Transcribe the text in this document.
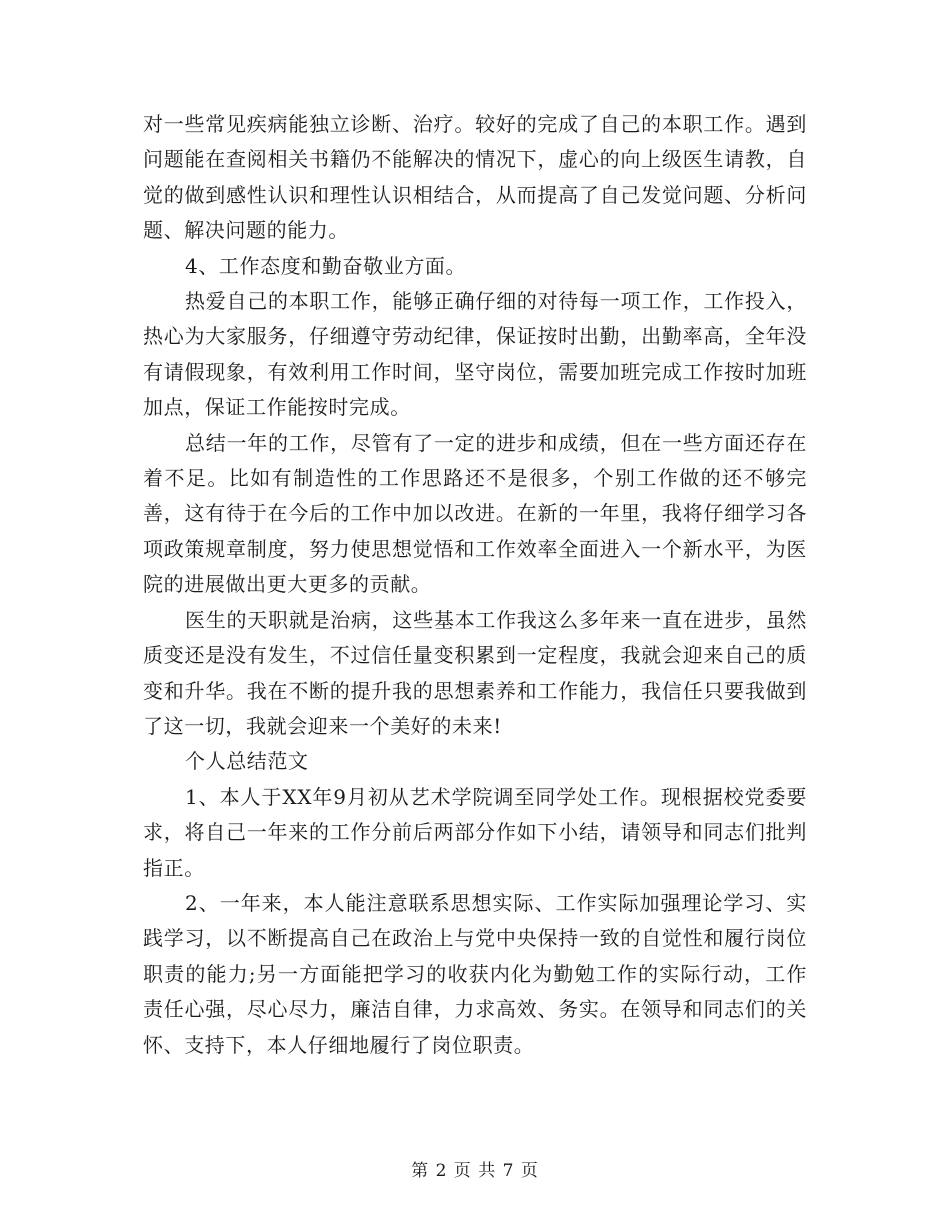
对一些常见疾病能独立诊断、治疗。较好的完成了自己的本职工作。遇到问题能在查阅相关书籍仍不能解决的情况下，虚心的向上级医生请教，自觉的做到感性认识和理性认识相结合，从而提高了自己发觉问题、分析问题、解决问题的能力。

4、工作态度和勤奋敬业方面。

热爱自己的本职工作，能够正确仔细的对待每一项工作，工作投入，热心为大家服务，仔细遵守劳动纪律，保证按时出勤，出勤率高，全年没有请假现象，有效利用工作时间，坚守岗位，需要加班完成工作按时加班加点，保证工作能按时完成。

总结一年的工作，尽管有了一定的进步和成绩，但在一些方面还存在着不足。比如有制造性的工作思路还不是很多，个别工作做的还不够完善，这有待于在今后的工作中加以改进。在新的一年里，我将仔细学习各项政策规章制度，努力使思想觉悟和工作效率全面进入一个新水平，为医院的进展做出更大更多的贡献。

医生的天职就是治病，这些基本工作我这么多年来一直在进步，虽然质变还是没有发生，不过信任量变积累到一定程度，我就会迎来自己的质变和升华。我在不断的提升我的思想素养和工作能力，我信任只要我做到了这一切，我就会迎来一个美好的未来!

个人总结范文

1、本人于XX年9月初从艺术学院调至同学处工作。现根据校党委要求，将自己一年来的工作分前后两部分作如下小结，请领导和同志们批判指正。

2、一年来，本人能注意联系思想实际、工作实际加强理论学习、实践学习，以不断提高自己在政治上与党中央保持一致的自觉性和履行岗位职责的能力;另一方面能把学习的收获内化为勤勉工作的实际行动，工作责任心强，尽心尽力，廉洁自律，力求高效、务实。在领导和同志们的关怀、支持下，本人仔细地履行了岗位职责。

第 2 页 共 7 页
